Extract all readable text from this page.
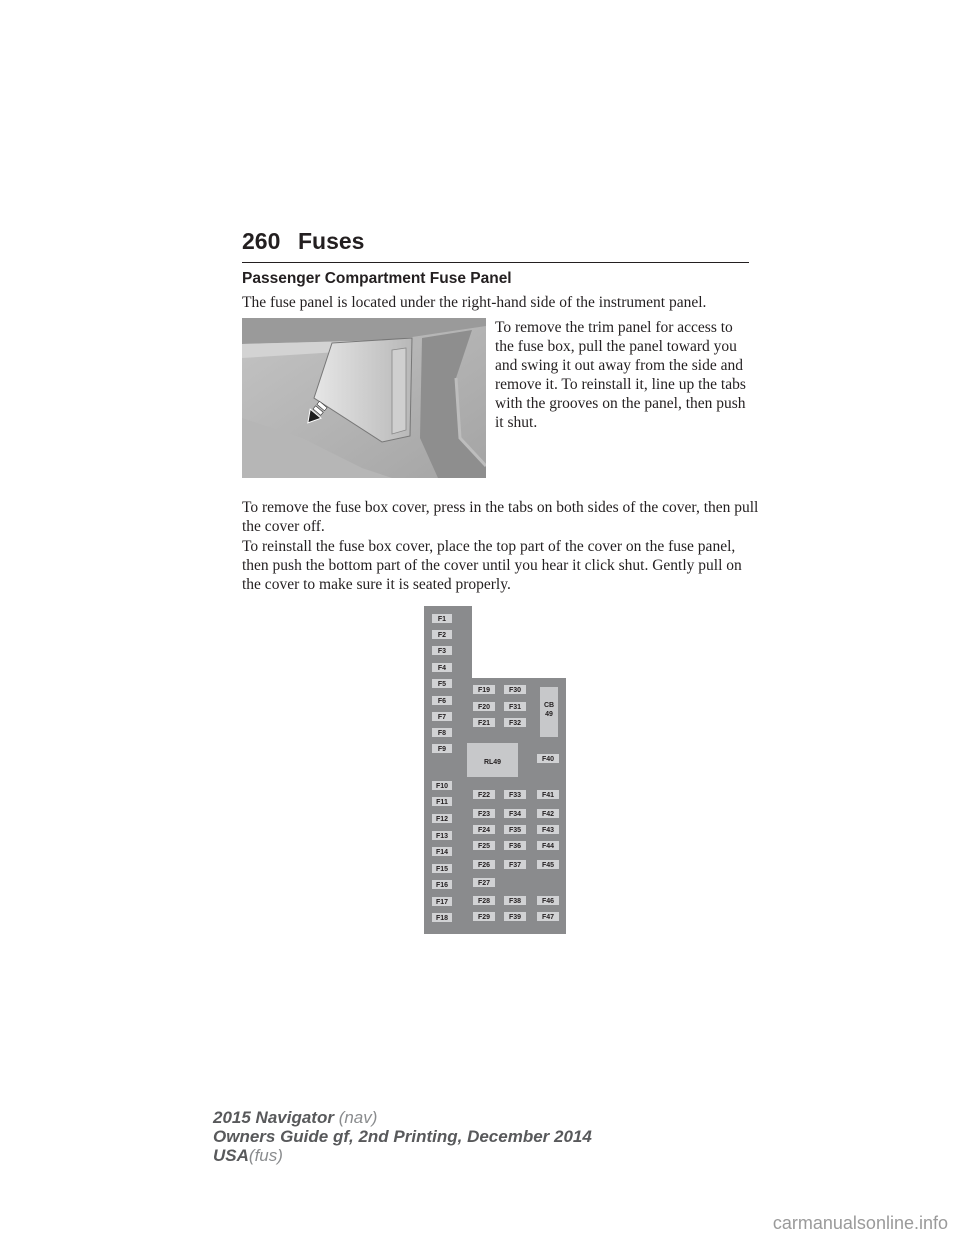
260 Fuses
Passenger Compartment Fuse Panel
The fuse panel is located under the right-hand side of the instrument panel.
To remove the trim panel for access to the fuse box, pull the panel toward you and swing it out away from the side and remove it. To reinstall it, line up the tabs with the grooves on the panel, then push it shut.
To remove the fuse box cover, press in the tabs on both sides of the cover, then pull the cover off.
To reinstall the fuse box cover, place the top part of the cover on the fuse panel, then push the bottom part of the cover until you hear it click shut. Gently pull on the cover to make sure it is seated properly.
F1
F2
F3
F4
F5
F6
F7
F8
F9
F10
F11
F12
F13
F14
F15
F16
F17
F18
F19
F20
F21
F22
F23
F24
F25
F26
F27
F28
F29
F30
F31
F32
F33
F34
F35
F36
F37
F38
F39
F40
F41
F42
F43
F44
F45
F46
F47
RL49
CB
49
2015 Navigator (nav)
Owners Guide gf, 2nd Printing, December 2014
USA(fus)
carmanualsonline.info
